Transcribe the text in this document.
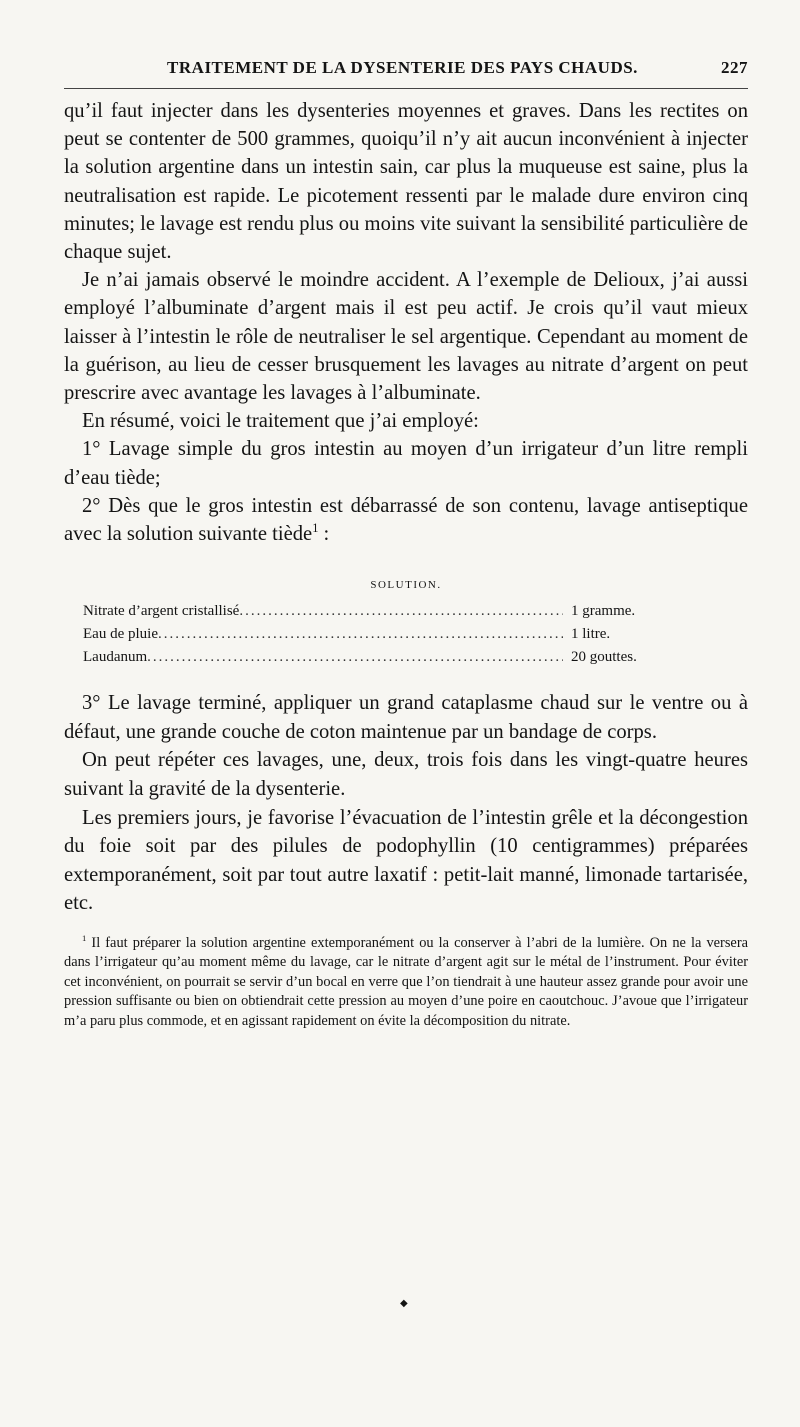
TRAITEMENT DE LA DYSENTERIE DES PAYS CHAUDS.	227

qu’il faut injecter dans les dysenteries moyennes et graves. Dans les rectites on peut se contenter de 500 grammes, quoiqu’il n’y ait aucun inconvénient à injecter la solution argentine dans un intestin sain, car plus la muqueuse est saine, plus la neutralisation est rapide. Le picotement ressenti par le malade dure environ cinq minutes; le lavage est rendu plus ou moins vite suivant la sensibilité particulière de chaque sujet.

Je n’ai jamais observé le moindre accident. A l’exemple de Delioux, j’ai aussi employé l’albuminate d’argent mais il est peu actif. Je crois qu’il vaut mieux laisser à l’intestin le rôle de neutraliser le sel argentique. Cependant au moment de la guérison, au lieu de cesser brusquement les lavages au nitrate d’argent on peut prescrire avec avantage les lavages à l’albuminate.

En résumé, voici le traitement que j’ai employé:

1° Lavage simple du gros intestin au moyen d’un irrigateur d’un litre rempli d’eau tiède;

2° Dès que le gros intestin est débarrassé de son contenu, lavage antiseptique avec la solution suivante tiède$^1$ :

SOLUTION.
Nitrate d’argent cristallisé .....	1 gramme.
Eau de pluie .....	1 litre.
Laudanum .....	20 gouttes.

3° Le lavage terminé, appliquer un grand cataplasme chaud sur le ventre ou à défaut, une grande couche de coton maintenue par un bandage de corps.

On peut répéter ces lavages, une, deux, trois fois dans les vingt-quatre heures suivant la gravité de la dysenterie.

Les premiers jours, je favorise l’évacuation de l’intestin grêle et la décongestion du foie soit par des pilules de podophyllin (10 centigrammes) préparées extemporanément, soit par tout autre laxatif : petit-lait manné, limonade tartarisée, etc.

$^1$ Il faut préparer la solution argentine extemporanément ou la conserver à l’abri de la lumière. On ne la versera dans l’irrigateur qu’au moment même du lavage, car le nitrate d’argent agit sur le métal de l’instrument. Pour éviter cet inconvénient, on pourrait se servir d’un bocal en verre que l’on tiendrait à une hauteur assez grande pour avoir une pression suffisante ou bien on obtiendrait cette pression au moyen d’une poire en caoutchouc. J’avoue que l’irrigateur m’a paru plus commode, et en agissant rapidement on évite la décomposition du nitrate.
◆
